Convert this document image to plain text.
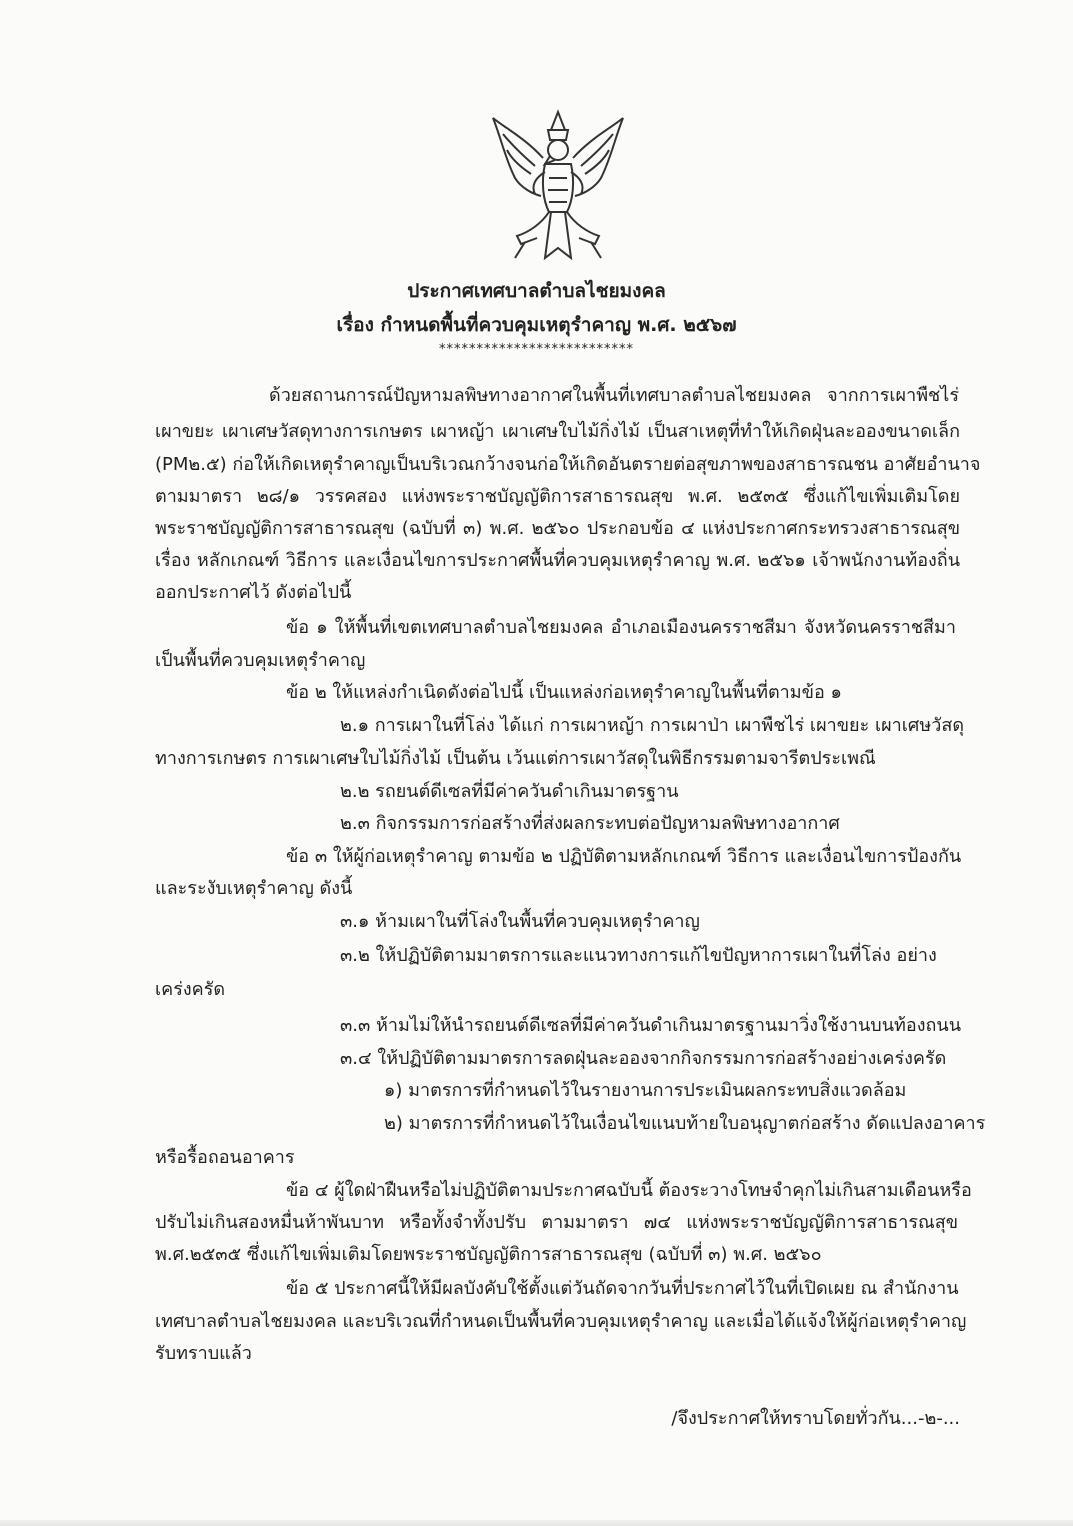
ประกาศเทศบาลตำบลไชยมงคล
เรื่อง กำหนดพื้นที่ควบคุมเหตุรำคาญ พ.ศ. ๒๕๖๗
**************************
ด้วยสถานการณ์ปัญหามลพิษทางอากาศในพื้นที่เทศบาลตำบลไชยมงคล จากการเผาพืชไร่
เผาขยะ เผาเศษวัสดุทางการเกษตร เผาหญ้า เผาเศษใบไม้กิ่งไม้ เป็นสาเหตุที่ทำให้เกิดฝุ่นละอองขนาดเล็ก
(PM๒.๕) ก่อให้เกิดเหตุรำคาญเป็นบริเวณกว้างจนก่อให้เกิดอันตรายต่อสุขภาพของสาธารณชน อาศัยอำนาจ
ตามมาตรา ๒๘/๑ วรรคสอง แห่งพระราชบัญญัติการสาธารณสุข พ.ศ. ๒๕๓๕ ซึ่งแก้ไขเพิ่มเติมโดย
พระราชบัญญัติการสาธารณสุข (ฉบับที่ ๓) พ.ศ. ๒๕๖๐ ประกอบข้อ ๔ แห่งประกาศกระทรวงสาธารณสุข
เรื่อง หลักเกณฑ์ วิธีการ และเงื่อนไขการประกาศพื้นที่ควบคุมเหตุรำคาญ พ.ศ. ๒๕๖๑ เจ้าพนักงานท้องถิ่น
ออกประกาศไว้ ดังต่อไปนี้
ข้อ ๑ ให้พื้นที่เขตเทศบาลตำบลไชยมงคล อำเภอเมืองนครราชสีมา จังหวัดนครราชสีมา
เป็นพื้นที่ควบคุมเหตุรำคาญ
ข้อ ๒ ให้แหล่งกำเนิดดังต่อไปนี้ เป็นแหล่งก่อเหตุรำคาญในพื้นที่ตามข้อ ๑
๒.๑ การเผาในที่โล่ง ได้แก่ การเผาหญ้า การเผาป่า เผาพืชไร่ เผาขยะ เผาเศษวัสดุ
ทางการเกษตร การเผาเศษใบไม้กิ่งไม้ เป็นต้น เว้นแต่การเผาวัสดุในพิธีกรรมตามจารีตประเพณี
๒.๒ รถยนต์ดีเซลที่มีค่าควันดำเกินมาตรฐาน
๒.๓ กิจกรรมการก่อสร้างที่ส่งผลกระทบต่อปัญหามลพิษทางอากาศ
ข้อ ๓ ให้ผู้ก่อเหตุรำคาญ ตามข้อ ๒ ปฏิบัติตามหลักเกณฑ์ วิธีการ และเงื่อนไขการป้องกัน
และระงับเหตุรำคาญ ดังนี้
๓.๑ ห้ามเผาในที่โล่งในพื้นที่ควบคุมเหตุรำคาญ
๓.๒ ให้ปฏิบัติตามมาตรการและแนวทางการแก้ไขปัญหาการเผาในที่โล่ง อย่าง
เคร่งครัด
๓.๓ ห้ามไม่ให้นำรถยนต์ดีเซลที่มีค่าควันดำเกินมาตรฐานมาวิ่งใช้งานบนท้องถนน
๓.๔ ให้ปฏิบัติตามมาตรการลดฝุ่นละอองจากกิจกรรมการก่อสร้างอย่างเคร่งครัด
๑) มาตรการที่กำหนดไว้ในรายงานการประเมินผลกระทบสิ่งแวดล้อม
๒) มาตรการที่กำหนดไว้ในเงื่อนไขแนบท้ายใบอนุญาตก่อสร้าง ดัดแปลงอาคาร
หรือรื้อถอนอาคาร
ข้อ ๔ ผู้ใดฝ่าฝืนหรือไม่ปฏิบัติตามประกาศฉบับนี้ ต้องระวางโทษจำคุกไม่เกินสามเดือนหรือ
ปรับไม่เกินสองหมื่นห้าพันบาท หรือทั้งจำทั้งปรับ ตามมาตรา ๗๔ แห่งพระราชบัญญัติการสาธารณสุข
พ.ศ.๒๕๓๕ ซึ่งแก้ไขเพิ่มเติมโดยพระราชบัญญัติการสาธารณสุข (ฉบับที่ ๓) พ.ศ. ๒๕๖๐
ข้อ ๕ ประกาศนี้ให้มีผลบังคับใช้ตั้งแต่วันถัดจากวันที่ประกาศไว้ในที่เปิดเผย ณ สำนักงาน
เทศบาลตำบลไชยมงคล และบริเวณที่กำหนดเป็นพื้นที่ควบคุมเหตุรำคาญ และเมื่อได้แจ้งให้ผู้ก่อเหตุรำคาญ
รับทราบแล้ว
/จึงประกาศให้ทราบโดยทั่วกัน...-๒-...
